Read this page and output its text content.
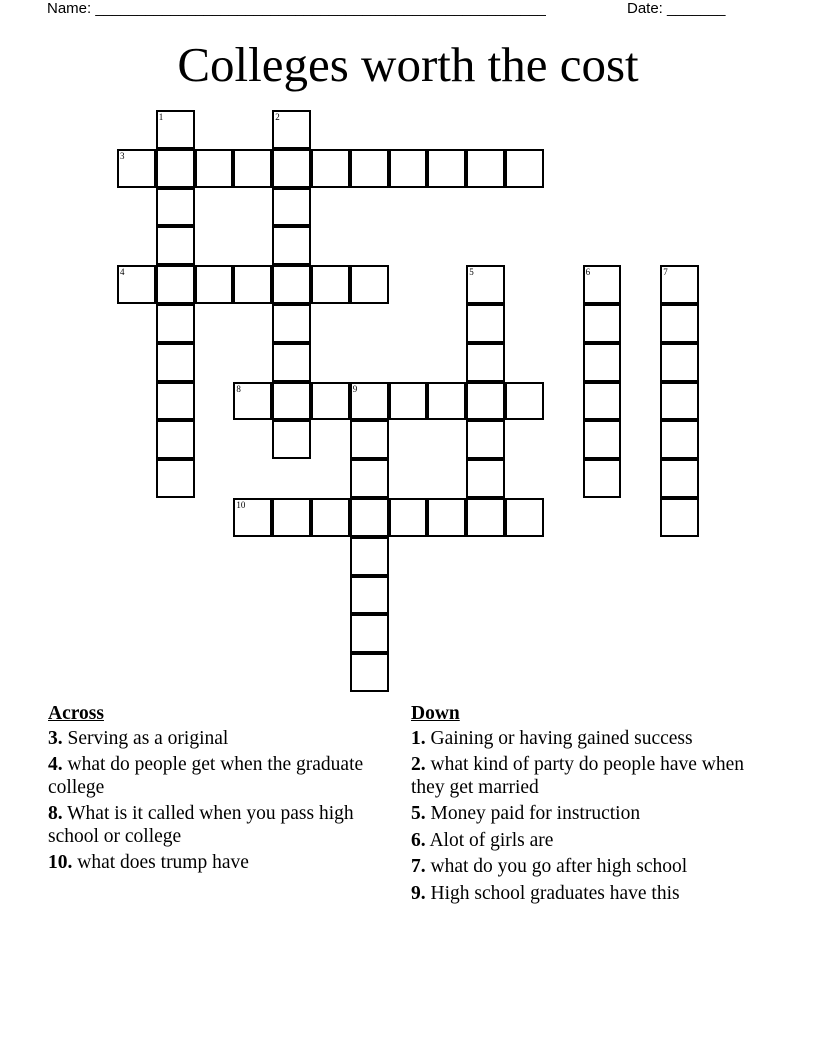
Name: ______________________________________________________	Date: _______
Colleges worth the cost
1	2
3
4	5	6	7
8	9
10
Across
3. Serving as a original
4. what do people get when the graduate college
8. What is it called when you pass high school or college
10. what does trump have
Down
1. Gaining or having gained success
2. what kind of party do people have when they get married
5. Money paid for instruction
6. Alot of girls are
7. what do you go after high school
9. High school graduates have this
